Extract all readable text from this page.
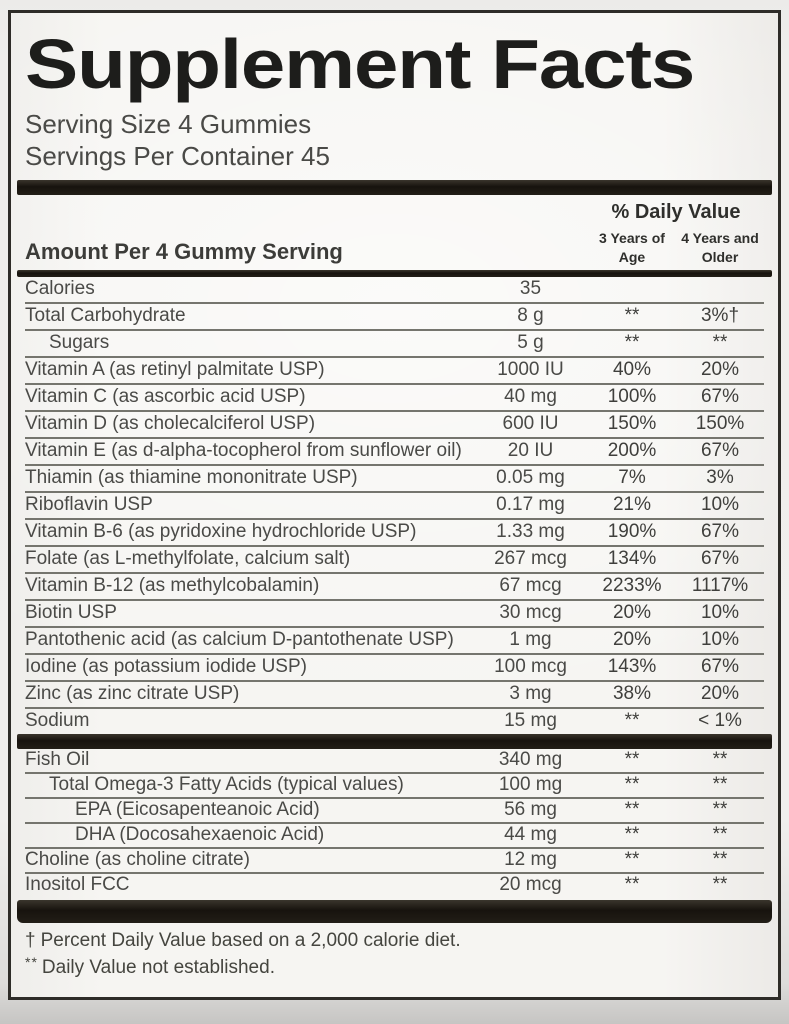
Supplement Facts
Serving Size 4 Gummies
Servings Per Container 45
Amount Per 4 Gummy Serving
% Daily Value
3 Years of Age
4 Years and Older
Calories	35
Total Carbohydrate	8 g	**	3%†
Sugars	5 g	**	**
Vitamin A (as retinyl palmitate USP)	1000 IU	40%	20%
Vitamin C (as ascorbic acid USP)	40 mg	100%	67%
Vitamin D (as cholecalciferol USP)	600 IU	150%	150%
Vitamin E (as d-alpha-tocopherol from sunflower oil)	20 IU	200%	67%
Thiamin (as thiamine mononitrate USP)	0.05 mg	7%	3%
Riboflavin USP	0.17 mg	21%	10%
Vitamin B-6 (as pyridoxine hydrochloride USP)	1.33 mg	190%	67%
Folate (as L-methylfolate, calcium salt)	267 mcg	134%	67%
Vitamin B-12 (as methylcobalamin)	67 mcg	2233%	1117%
Biotin USP	30 mcg	20%	10%
Pantothenic acid (as calcium D-pantothenate USP)	1 mg	20%	10%
Iodine (as potassium iodide USP)	100 mcg	143%	67%
Zinc (as zinc citrate USP)	3 mg	38%	20%
Sodium	15 mg	**	< 1%
Fish Oil	340 mg	**	**
Total Omega-3 Fatty Acids (typical values)	100 mg	**	**
EPA (Eicosapenteanoic Acid)	56 mg	**	**
DHA (Docosahexaenoic Acid)	44 mg	**	**
Choline (as choline citrate)	12 mg	**	**
Inositol FCC	20 mcg	**	**
† Percent Daily Value based on a 2,000 calorie diet.
** Daily Value not established.
